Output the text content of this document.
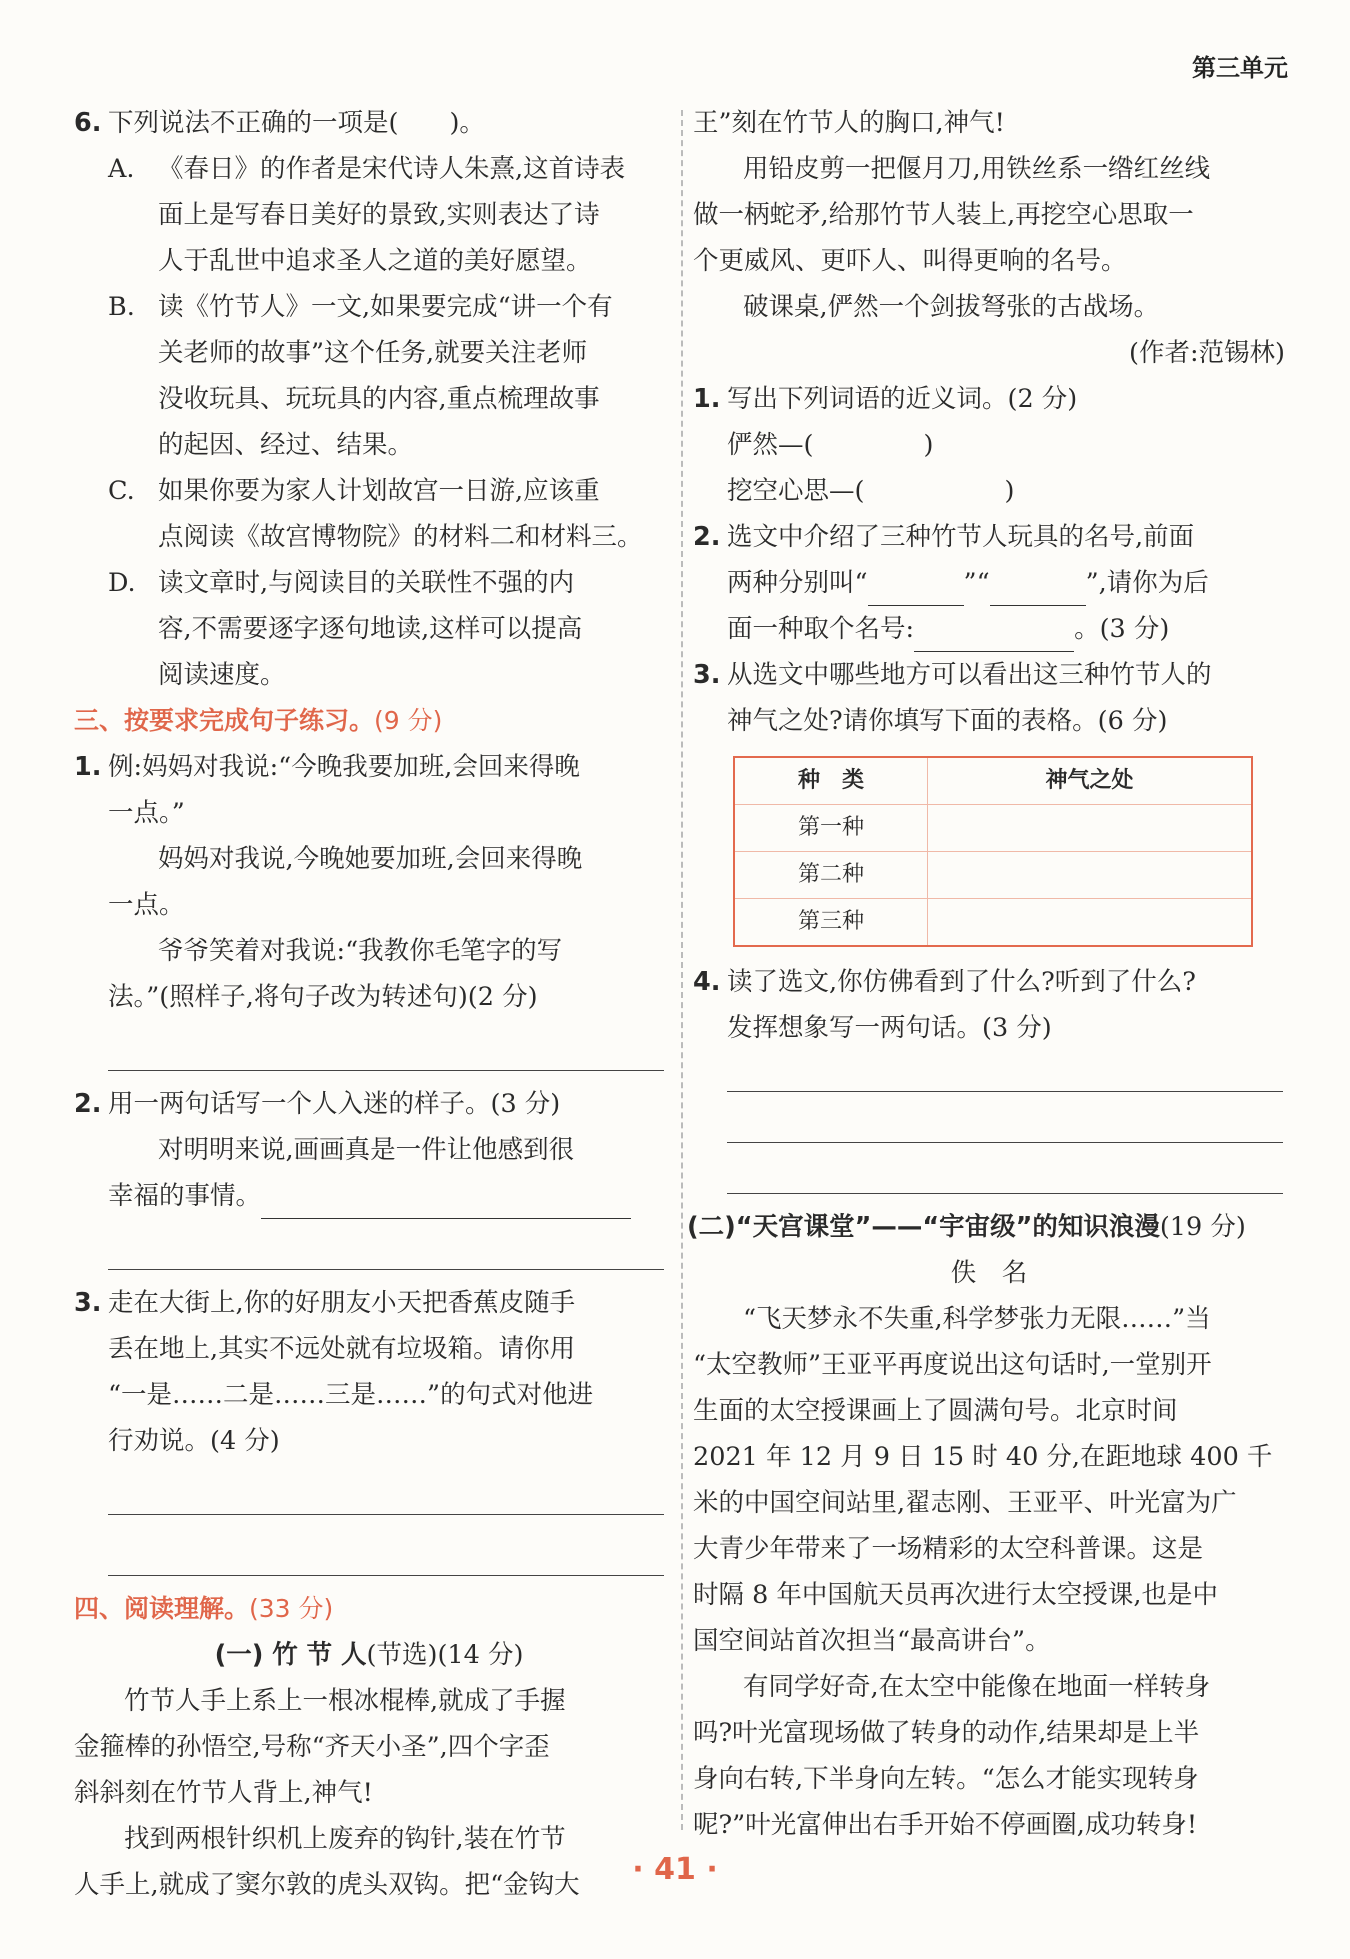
第三单元
6. 下列说法不正确的一项是(　　)。
A. 《春日》的作者是宋代诗人朱熹,这首诗表
面上是写春日美好的景致,实则表达了诗
人于乱世中追求圣人之道的美好愿望。
B. 读《竹节人》一文,如果要完成“讲一个有
关老师的故事”这个任务,就要关注老师
没收玩具、玩玩具的内容,重点梳理故事
的起因、经过、结果。
C. 如果你要为家人计划故宫一日游,应该重
点阅读《故宫博物院》的材料二和材料三。
D. 读文章时,与阅读目的关联性不强的内
容,不需要逐字逐句地读,这样可以提高
阅读速度。
三、按要求完成句子练习。(9 分)
1. 例:妈妈对我说:“今晚我要加班,会回来得晚
一点。”
妈妈对我说,今晚她要加班,会回来得晚
一点。
爷爷笑着对我说:“我教你毛笔字的写
法。”(照样子,将句子改为转述句)(2 分)
2. 用一两句话写一个人入迷的样子。(3 分)
对明明来说,画画真是一件让他感到很
幸福的事情。
3. 走在大街上,你的好朋友小天把香蕉皮随手
丢在地上,其实不远处就有垃圾箱。请你用
“一是……二是……三是……”的句式对他进
行劝说。(4 分)
四、阅读理解。(33 分)
(一) 竹 节 人(节选)(14 分)
竹节人手上系上一根冰棍棒,就成了手握
金箍棒的孙悟空,号称“齐天小圣”,四个字歪
斜斜刻在竹节人背上,神气!
找到两根针织机上废弃的钩针,装在竹节
人手上,就成了窦尔敦的虎头双钩。把“金钩大
王”刻在竹节人的胸口,神气!
用铅皮剪一把偃月刀,用铁丝系一绺红丝线
做一柄蛇矛,给那竹节人装上,再挖空心思取一
个更威风、更吓人、叫得更响的名号。
破课桌,俨然一个剑拔弩张的古战场。
(作者:范锡林)
1. 写出下列词语的近义词。(2 分)
俨然—(	)
挖空心思—(	)
2. 选文中介绍了三种竹节人玩具的名号,前面
两种分别叫“	”“	”,请你为后
面一种取个名号:	。(3 分)
3. 从选文中哪些地方可以看出这三种竹节人的
神气之处?请你填写下面的表格。(6 分)
种　类	神气之处
第一种	
第二种	
第三种	
4. 读了选文,你仿佛看到了什么?听到了什么?
发挥想象写一两句话。(3 分)
(二)“天宫课堂”——“宇宙级”的知识浪漫(19 分)
佚　名
“飞天梦永不失重,科学梦张力无限……”当
“太空教师”王亚平再度说出这句话时,一堂别开
生面的太空授课画上了圆满句号。北京时间
2021 年 12 月 9 日 15 时 40 分,在距地球 400 千
米的中国空间站里,翟志刚、王亚平、叶光富为广
大青少年带来了一场精彩的太空科普课。这是
时隔 8 年中国航天员再次进行太空授课,也是中
国空间站首次担当“最高讲台”。
有同学好奇,在太空中能像在地面一样转身
吗?叶光富现场做了转身的动作,结果却是上半
身向右转,下半身向左转。“怎么才能实现转身
呢?”叶光富伸出右手开始不停画圈,成功转身!
· 41 ·
